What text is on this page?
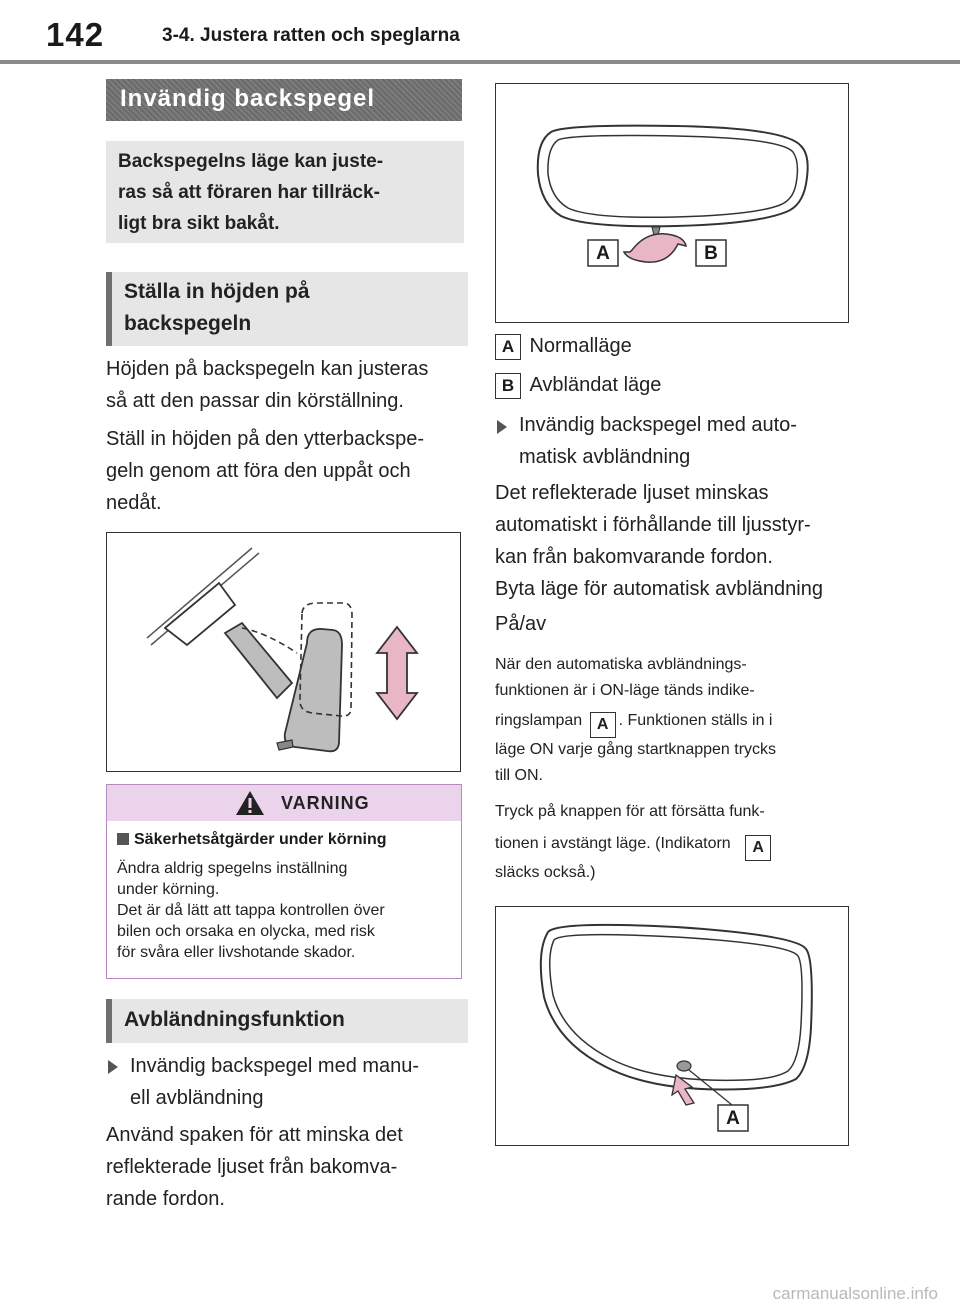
142	3-4. Justera ratten och speglarna
Invändig backspegel
Backspegelns läge kan juste-
ras så att föraren har tillräck-
ligt bra sikt bakåt.
Ställa in höjden på
backspegeln
Höjden på backspegeln kan justeras
så att den passar din körställning.
Ställ in höjden på den ytterbackspe-
geln genom att föra den uppåt och
nedåt.
VARNING
Säkerhetsåtgärder under körning
Ändra aldrig spegelns inställning
under körning.
Det är då lätt att tappa kontrollen över
bilen och orsaka en olycka, med risk
för svåra eller livshotande skador.
Avbländningsfunktion
Invändig backspegel med manu-
ell avbländning
Använd spaken för att minska det
reflekterade ljuset från bakomva-
rande fordon.
A	B
A Normalläge
B Avbländat läge
Invändig backspegel med auto-
matisk avbländning
Det reflekterade ljuset minskas
automatiskt i förhållande till ljusstyr-
kan från bakomvarande fordon.
Byta läge för automatisk avbländning
På/av
När den automatiska avbländnings-
funktionen är i ON-läge tänds indike-
ringslampan A . Funktionen ställs in i
läge ON varje gång startknappen trycks
till ON.
Tryck på knappen för att försätta funk-
tionen i avstängt läge. (Indikatorn A
släcks också.)
A
carmanualsonline.info
